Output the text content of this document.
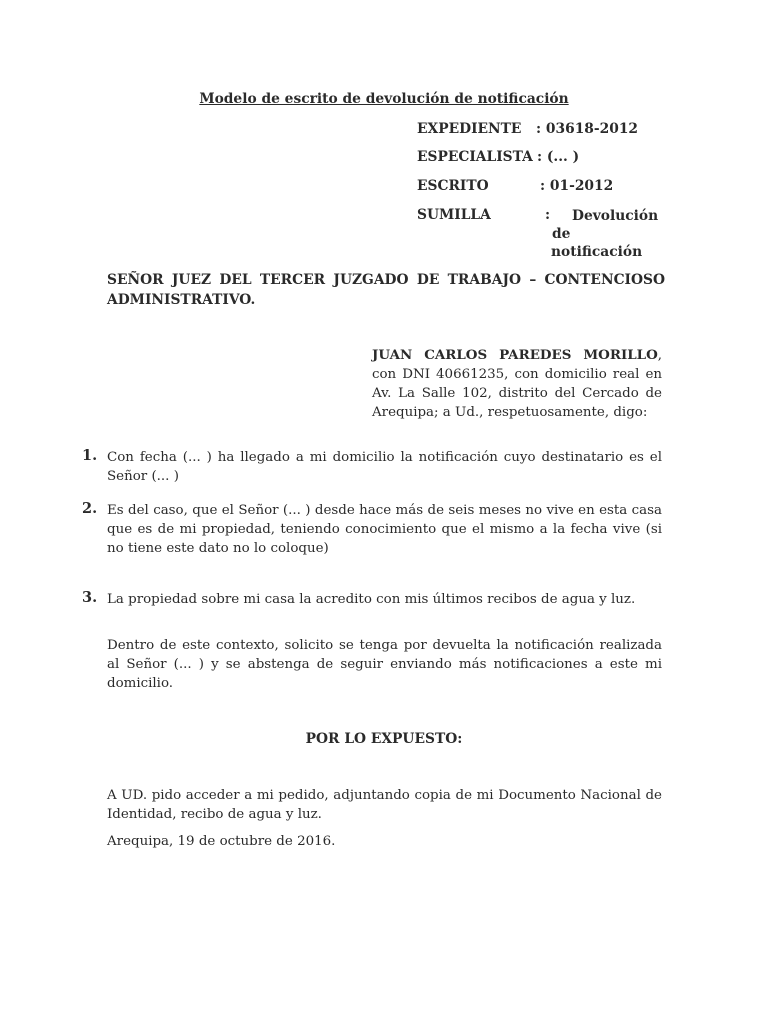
Modelo de escrito de devolución de notificación
EXPEDIENTE : 03618-2012
ESPECIALISTA : (... )
ESCRITO	: 01-2012
SUMILLA	: Devolución
de
notificación
SEÑOR JUEZ DEL TERCER JUZGADO DE TRABAJO – CONTENCIOSO ADMINISTRATIVO.
JUAN CARLOS PAREDES MORILLO, con DNI 40661235, con domicilio real en Av. La Salle 102, distrito del Cercado de Arequipa; a Ud., respetuosamente, digo:
1. Con fecha (... ) ha llegado a mi domicilio la notificación cuyo destinatario es el Señor (... )
2. Es del caso, que el Señor (... ) desde hace más de seis meses no vive en esta casa que es de mi propiedad, teniendo conocimiento que el mismo a la fecha vive (si no tiene este dato no lo coloque)
3. La propiedad sobre mi casa la acredito con mis últimos recibos de agua y luz.
Dentro de este contexto, solicito se tenga por devuelta la notificación realizada al Señor (... ) y se abstenga de seguir enviando más notificaciones a este mi domicilio.
POR LO EXPUESTO:
A UD. pido acceder a mi pedido, adjuntando copia de mi Documento Nacional de Identidad, recibo de agua y luz.
Arequipa, 19 de octubre de 2016.
